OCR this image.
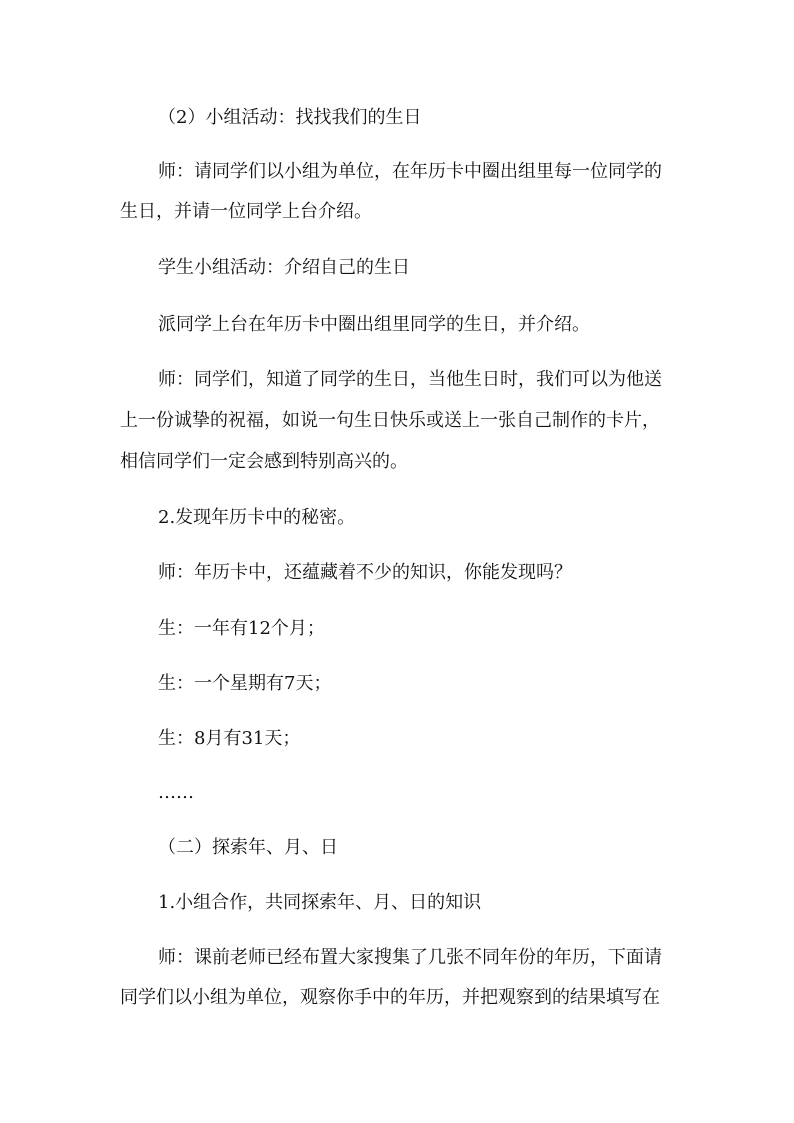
（2）小组活动：找找我们的生日
师：请同学们以小组为单位，在年历卡中圈出组里每一位同学的
生日，并请一位同学上台介绍。
学生小组活动：介绍自己的生日
派同学上台在年历卡中圈出组里同学的生日，并介绍。
师：同学们，知道了同学的生日，当他生日时，我们可以为他送
上一份诚挚的祝福，如说一句生日快乐或送上一张自己制作的卡片，
相信同学们一定会感到特别高兴的。
2.发现年历卡中的秘密。
师：年历卡中，还蕴藏着不少的知识，你能发现吗？
生：一年有12个月；
生：一个星期有7天；
生：8月有31天；
……
（二）探索年、月、日
1.小组合作，共同探索年、月、日的知识
师：课前老师已经布置大家搜集了几张不同年份的年历，下面请
同学们以小组为单位，观察你手中的年历，并把观察到的结果填写在
